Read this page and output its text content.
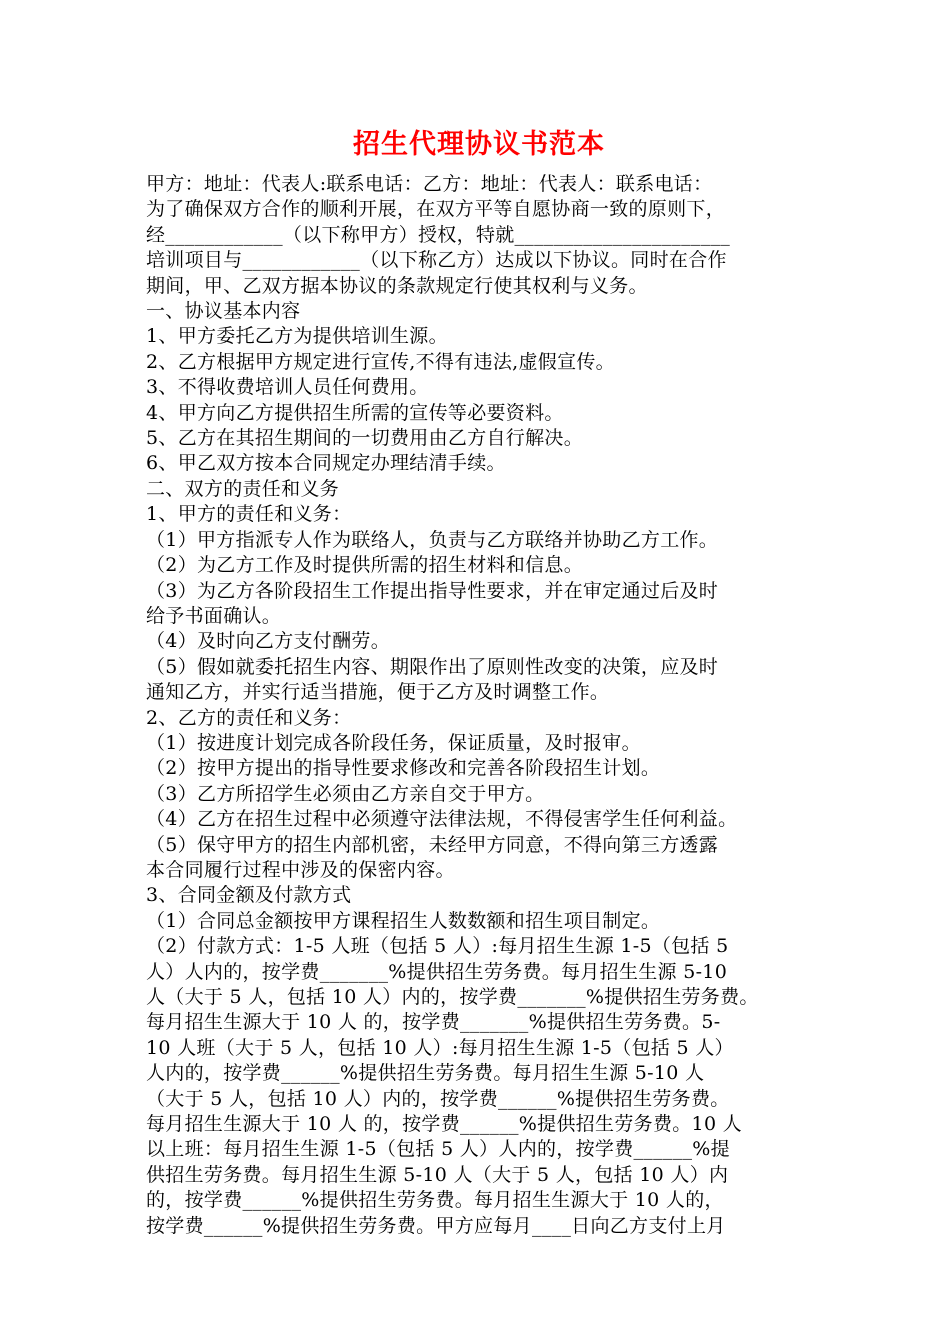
招生代理协议书范本
甲方：地址：代表人:联系电话：乙方：地址：代表人：联系电话：
为了确保双方合作的顺利开展，在双方平等自愿协商一致的原则下，
经____________（以下称甲方）授权，特就______________________
培训项目与____________（以下称乙方）达成以下协议。同时在合作
期间，甲、乙双方据本协议的条款规定行使其权利与义务。
一、协议基本内容
1、甲方委托乙方为提供培训生源。
2、乙方根据甲方规定进行宣传,不得有违法,虚假宣传。
3、不得收费培训人员任何费用。
4、甲方向乙方提供招生所需的宣传等必要资料。
5、乙方在其招生期间的一切费用由乙方自行解决。
6、甲乙双方按本合同规定办理结清手续。
二、双方的责任和义务
1、甲方的责任和义务：
（1）甲方指派专人作为联络人，负责与乙方联络并协助乙方工作。
（2）为乙方工作及时提供所需的招生材料和信息。
（3）为乙方各阶段招生工作提出指导性要求，并在审定通过后及时
给予书面确认。
（4）及时向乙方支付酬劳。
（5）假如就委托招生内容、期限作出了原则性改变的决策，应及时
通知乙方，并实行适当措施，便于乙方及时调整工作。
2、乙方的责任和义务：
（1）按进度计划完成各阶段任务，保证质量，及时报审。
（2）按甲方提出的指导性要求修改和完善各阶段招生计划。
（3）乙方所招学生必须由乙方亲自交于甲方。
（4）乙方在招生过程中必须遵守法律法规，不得侵害学生任何利益。
（5）保守甲方的招生内部机密，未经甲方同意，不得向第三方透露
本合同履行过程中涉及的保密内容。
3、合同金额及付款方式
（1）合同总金额按甲方课程招生人数数额和招生项目制定。
（2）付款方式：1-5 人班（包括 5 人）:每月招生生源 1-5（包括 5
人）人内的，按学费_______%提供招生劳务费。每月招生生源 5-10
人（大于 5 人，包括 10 人）内的，按学费_______%提供招生劳务费。
每月招生生源大于 10 人 的，按学费_______%提供招生劳务费。5-
10 人班（大于 5 人，包括 10 人）:每月招生生源 1-5（包括 5 人）
人内的，按学费______%提供招生劳务费。每月招生生源 5-10 人
（大于 5 人，包括 10 人）内的，按学费______%提供招生劳务费。
每月招生生源大于 10 人 的，按学费______%提供招生劳务费。10 人
以上班：每月招生生源 1-5（包括 5 人）人内的，按学费______%提
供招生劳务费。每月招生生源 5-10 人（大于 5 人，包括 10 人）内
的，按学费______%提供招生劳务费。每月招生生源大于 10 人的，
按学费______%提供招生劳务费。甲方应每月____日向乙方支付上月
